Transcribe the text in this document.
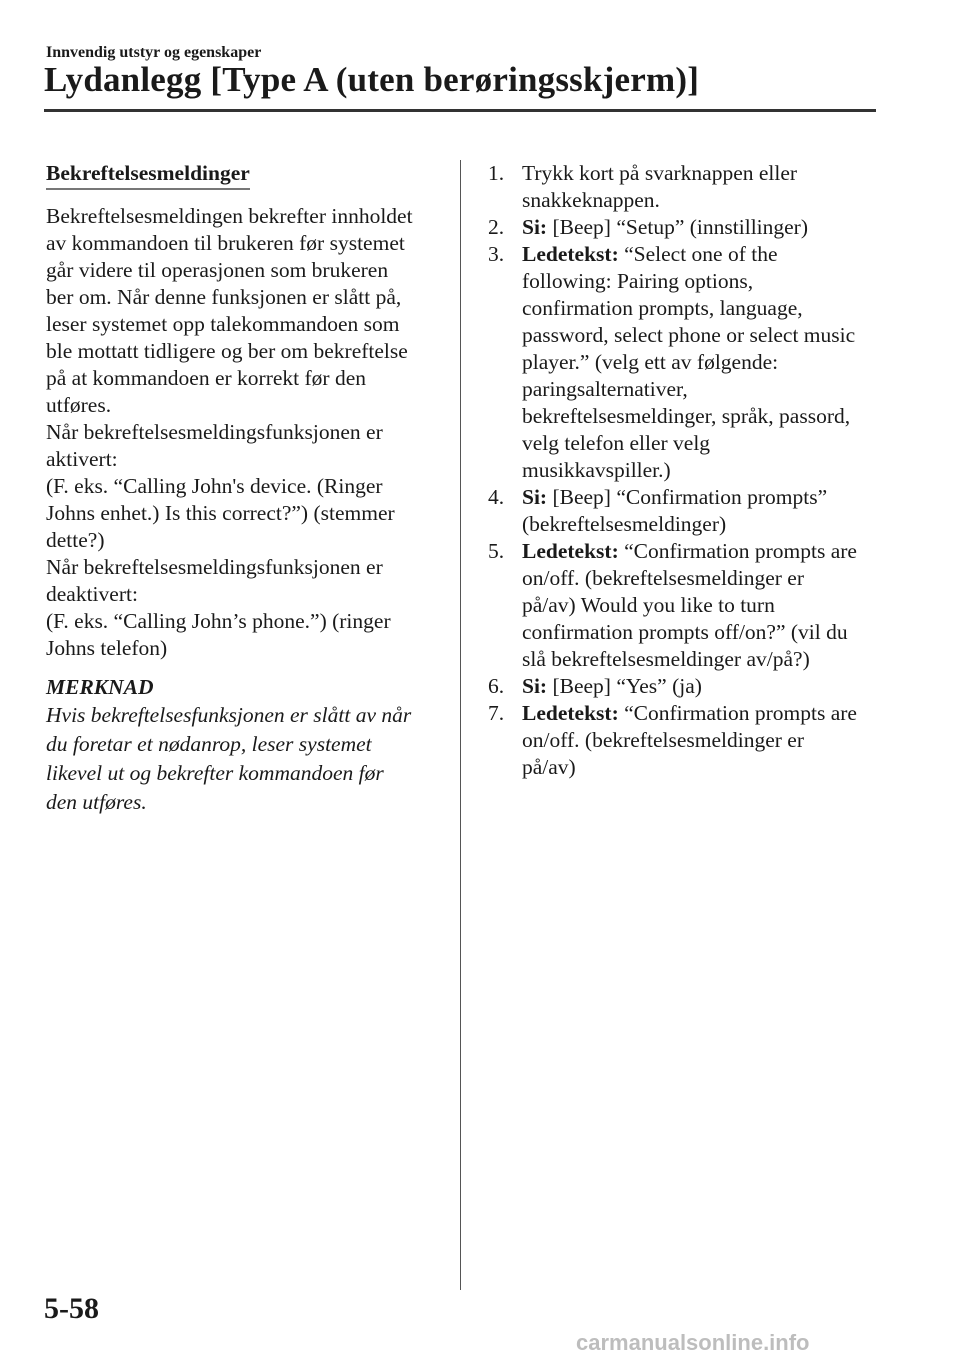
Innvendig utstyr og egenskaper
Lydanlegg [Type A (uten berøringsskjerm)]
Bekreftelsesmeldinger
Bekreftelsesmeldingen bekrefter innholdet
av kommandoen til brukeren før systemet
går videre til operasjonen som brukeren
ber om. Når denne funksjonen er slått på,
leser systemet opp talekommandoen som
ble mottatt tidligere og ber om bekreftelse
på at kommandoen er korrekt før den
utføres.
Når bekreftelsesmeldingsfunksjonen er
aktivert:
(F. eks. “Calling John's device. (Ringer
Johns enhet.) Is this correct?”) (stemmer
dette?)
Når bekreftelsesmeldingsfunksjonen er
deaktivert:
(F. eks. “Calling John’s phone.”) (ringer
Johns telefon)
MERKNAD
Hvis bekreftelsesfunksjonen er slått av når
du foretar et nødanrop, leser systemet
likevel ut og bekrefter kommandoen før
den utføres.
1. Trykk kort på svarknappen eller
snakkeknappen.
2. Si: [Beep] “Setup” (innstillinger)
3. Ledetekst: “Select one of the
following: Pairing options,
confirmation prompts, language,
password, select phone or select music
player.” (velg ett av følgende:
paringsalternativer,
bekreftelsesmeldinger, språk, passord,
velg telefon eller velg
musikkavspiller.)
4. Si: [Beep] “Confirmation prompts”
(bekreftelsesmeldinger)
5. Ledetekst: “Confirmation prompts are
on/off. (bekreftelsesmeldinger er
på/av) Would you like to turn
confirmation prompts off/on?” (vil du
slå bekreftelsesmeldinger av/på?)
6. Si: [Beep] “Yes” (ja)
7. Ledetekst: “Confirmation prompts are
on/off. (bekreftelsesmeldinger er
på/av)
5-58
carmanualsonline.info
